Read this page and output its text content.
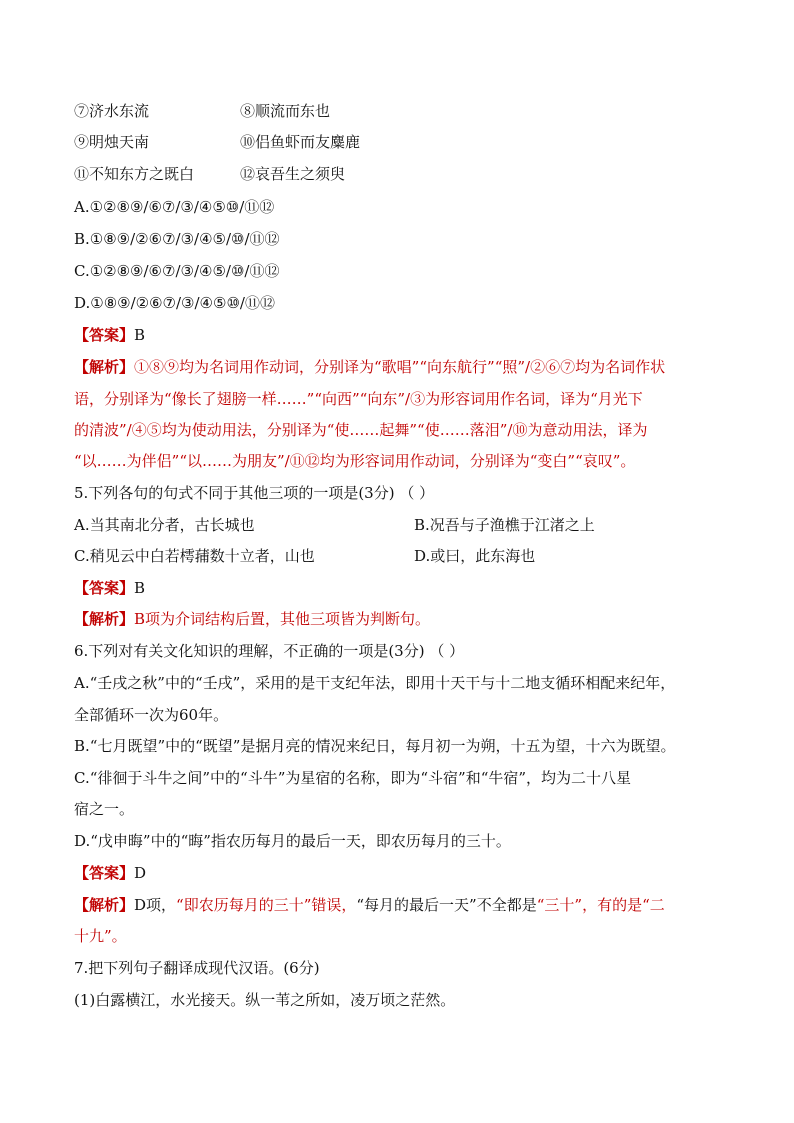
⑦济水东流	⑧顺流而东也
⑨明烛天南	⑩侣鱼虾而友麋鹿
⑪不知东方之既白	⑫哀吾生之须臾
A.①②⑧⑨/⑥⑦/③/④⑤⑩/⑪⑫
B.①⑧⑨/②⑥⑦/③/④⑤/⑩/⑪⑫
C.①②⑧⑨/⑥⑦/③/④⑤/⑩/⑪⑫
D.①⑧⑨/②⑥⑦/③/④⑤⑩/⑪⑫
【答案】B
【解析】①⑧⑨均为名词用作动词，分别译为“歌唱”“向东航行”“照”/②⑥⑦均为名词作状
语，分别译为“像长了翅膀一样……”“向西”“向东”/③为形容词用作名词，译为“月光下
的清波”/④⑤均为使动用法，分别译为“使……起舞”“使……落泪”/⑩为意动用法，译为
“以……为伴侣”“以……为朋友”/⑪⑫均为形容词用作动词，分别译为“变白”“哀叹”。
5.下列各句的句式不同于其他三项的一项是(3分) （ ）
A.当其南北分者，古长城也	B.况吾与子渔樵于江渚之上
C.稍见云中白若樗蒱数十立者，山也	D.或曰，此东海也
【答案】B
【解析】B项为介词结构后置，其他三项皆为判断句。
6.下列对有关文化知识的理解，不正确的一项是(3分) （ ）
A.“壬戌之秋”中的“壬戌”，采用的是干支纪年法，即用十天干与十二地支循环相配来纪年，
全部循环一次为60年。
B.“七月既望”中的“既望”是据月亮的情况来纪日，每月初一为朔，十五为望，十六为既望。
C.“徘徊于斗牛之间”中的“斗牛”为星宿的名称，即为“斗宿”和“牛宿”，均为二十八星
宿之一。
D.“戊申晦”中的“晦”指农历每月的最后一天，即农历每月的三十。
【答案】D
【解析】D项，“即农历每月的三十”错误，“每月的最后一天”不全都是“三十”，有的是“二
十九”。
7.把下列句子翻译成现代汉语。(6分)
(1)白露横江，水光接天。纵一苇之所如，凌万顷之茫然。
